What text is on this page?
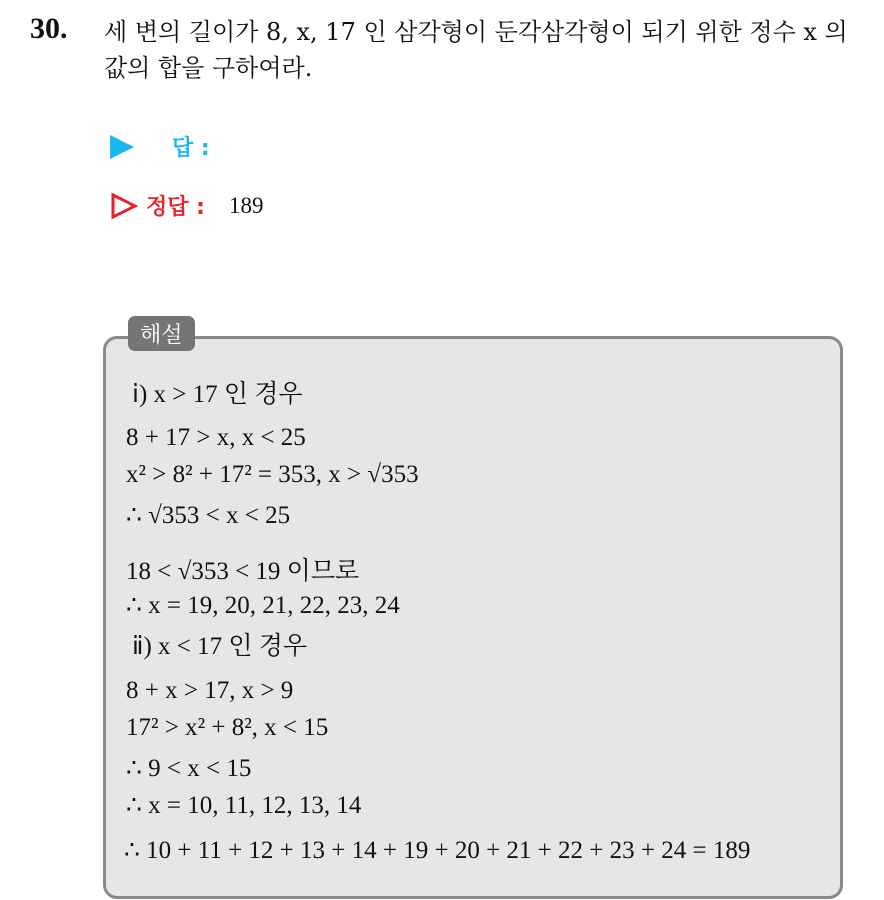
30. 세 변의 길이가 8, x, 17 인 삼각형이 둔각삼각형이 되기 위한 정수 x 의 값의 합을 구하여라.
답 :
정답 : 189
해설
ⅰ) x > 17 인 경우
8 + 17 > x, x < 25
x² > 8² + 17² = 353, x > √353
∴ √353 < x < 25
18 < √353 < 19 이므로
∴ x = 19, 20, 21, 22, 23, 24
ⅱ) x < 17 인 경우
8 + x > 17, x > 9
17² > x² + 8², x < 15
∴ 9 < x < 15
∴ x = 10, 11, 12, 13, 14
∴ 10 + 11 + 12 + 13 + 14 + 19 + 20 + 21 + 22 + 23 + 24 = 189
